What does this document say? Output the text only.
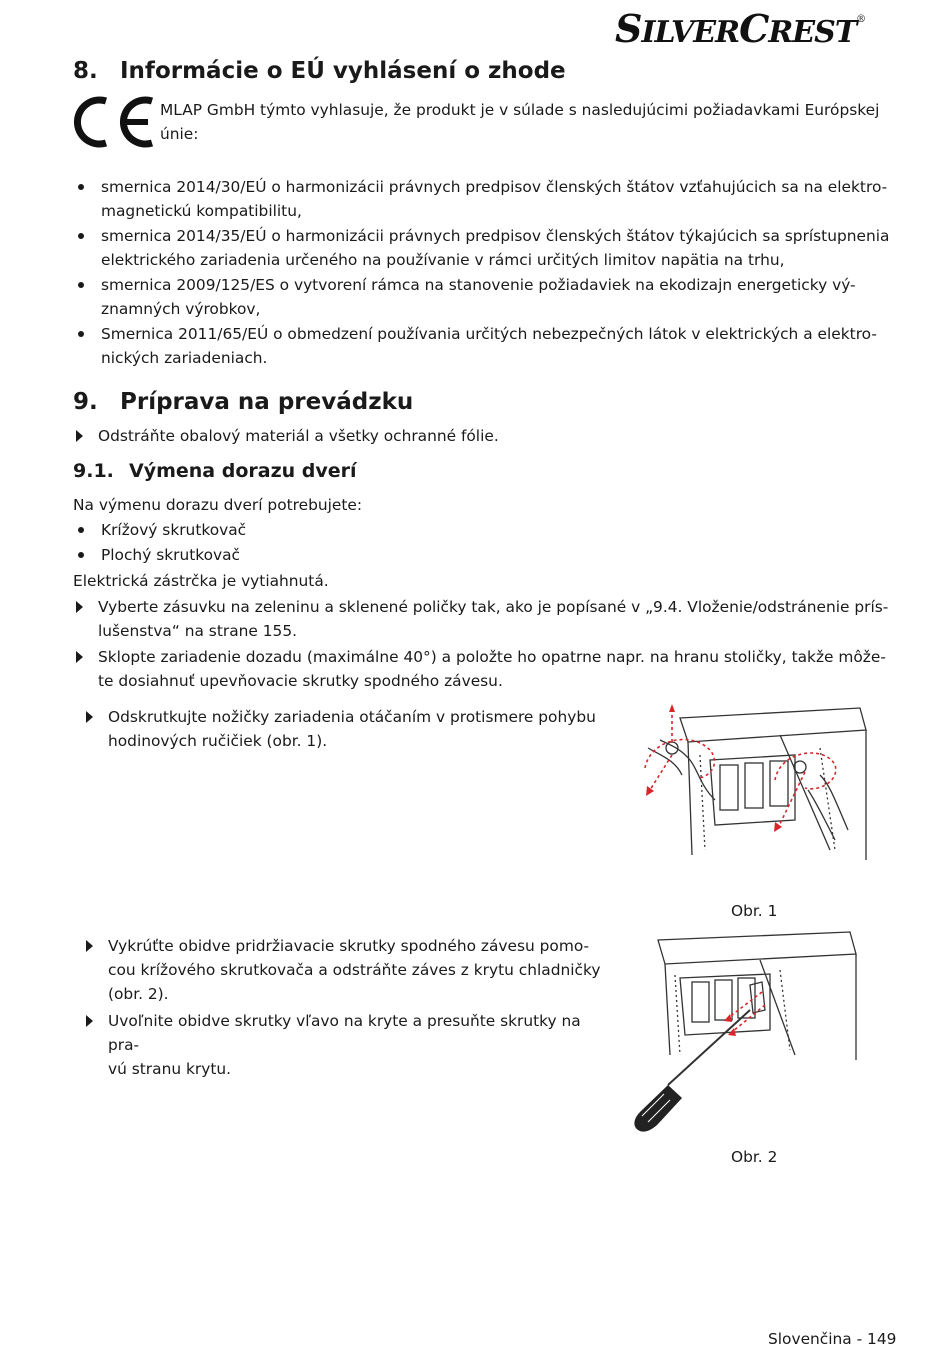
SILVERCREST®
8. Informácie o EÚ vyhlásení o zhode
MLAP GmbH týmto vyhlasuje, že produkt je v súlade s nasledujúcimi požiadavkami Európskej
únie:
smernica 2014/30/EÚ o harmonizácii právnych predpisov členských štátov vzťahujúcich sa na elektro-
magnetickú kompatibilitu,
smernica 2014/35/EÚ o harmonizácii právnych predpisov členských štátov týkajúcich sa sprístupnenia
elektrického zariadenia určeného na používanie v rámci určitých limitov napätia na trhu,
smernica 2009/125/ES o vytvorení rámca na stanovenie požiadaviek na ekodizajn energeticky vý-
znamných výrobkov,
Smernica 2011/65/EÚ o obmedzení používania určitých nebezpečných látok v elektrických a elektro-
nických zariadeniach.
9. Príprava na prevádzku
Odstráňte obalový materiál a všetky ochranné fólie.
9.1. Výmena dorazu dverí
Na výmenu dorazu dverí potrebujete:
Krížový skrutkovač
Plochý skrutkovač
Elektrická zástrčka je vytiahnutá.
Vyberte zásuvku na zeleninu a sklenené poličky tak, ako je popísané v „9.4. Vloženie/odstránenie prís-
lušenstva“ na strane 155.
Sklopte zariadenie dozadu (maximálne 40°) a položte ho opatrne napr. na hranu stoličky, takže môže-
te dosiahnuť upevňovacie skrutky spodného závesu.
Odskrutkujte nožičky zariadenia otáčaním v protismere pohybu
hodinových ručičiek (obr. 1).
Obr. 1
Vykrúťte obidve pridržiavacie skrutky spodného závesu pomo-
cou krížového skrutkovača a odstráňte záves z krytu chladničky
(obr. 2).
Uvoľnite obidve skrutky vľavo na kryte a presuňte skrutky na pra-
vú stranu krytu.
Obr. 2
Slovenčina - 149
